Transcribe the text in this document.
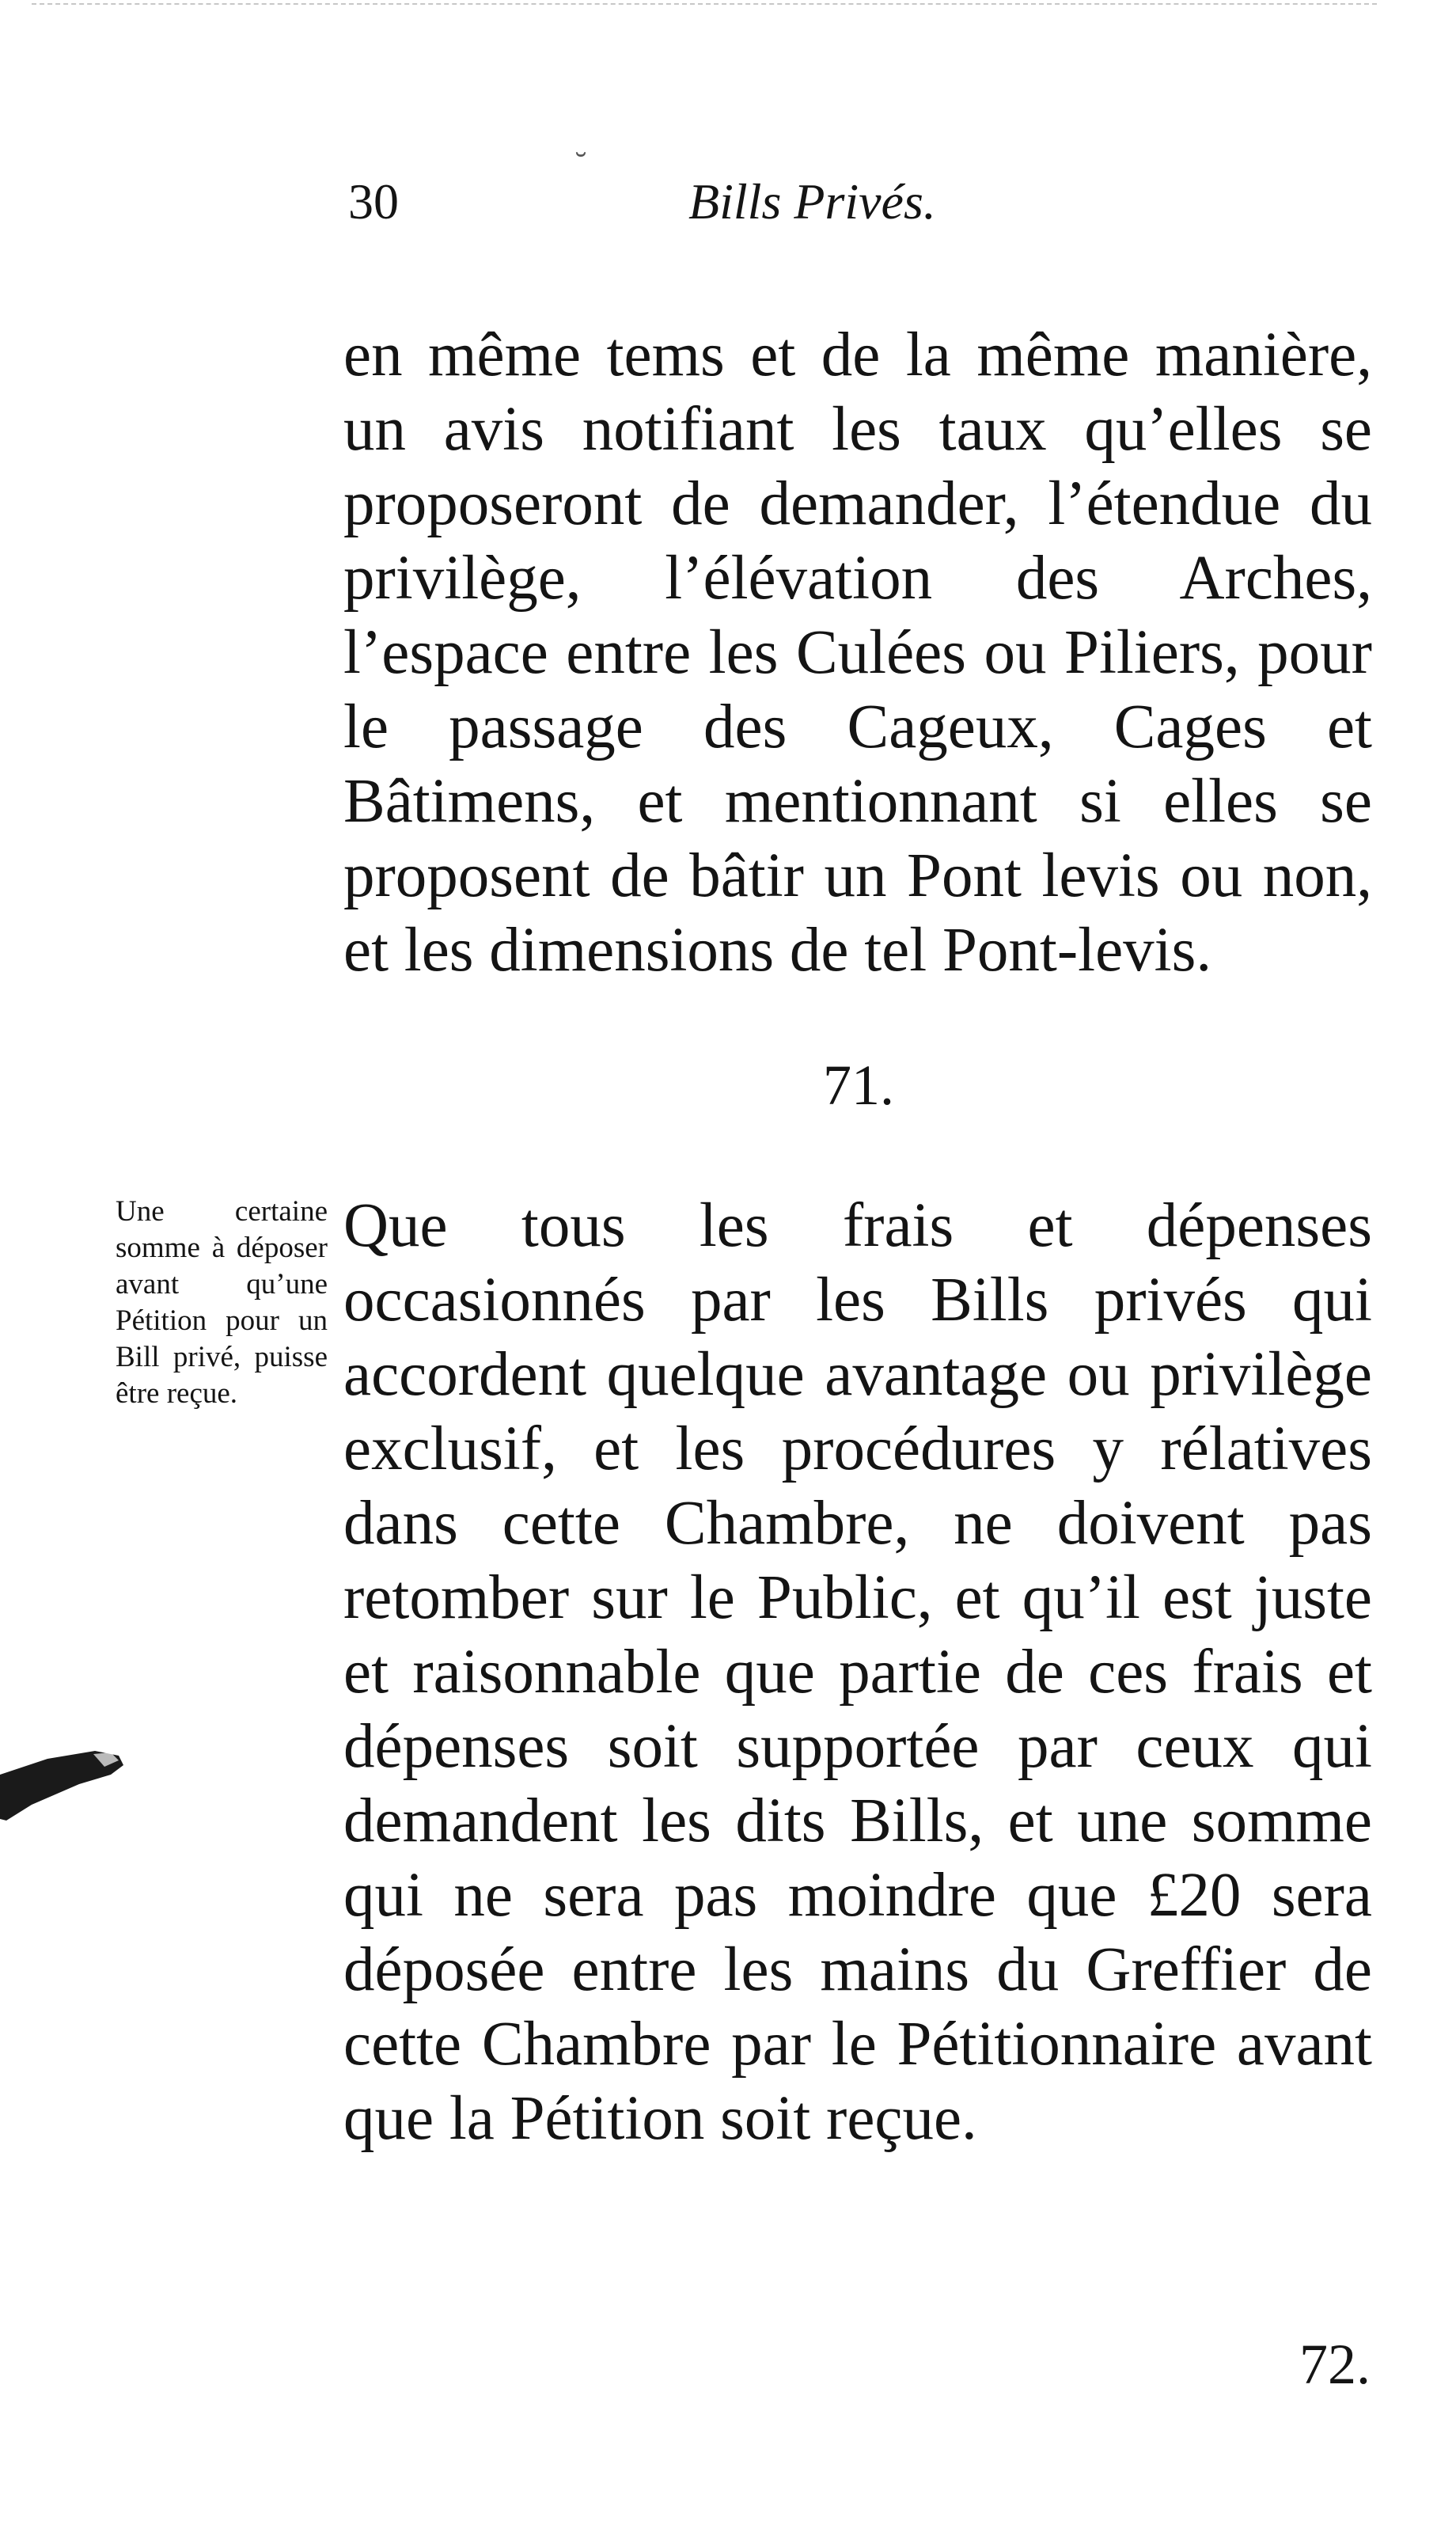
30
˘
Bills Privés.

en même tems et de la même manière, un avis notifiant les taux qu’elles se proposeront de demander, l’étendue du privilège, l’élévation des Arches, l’espace entre les Culées ou Piliers, pour le passage des Cageux, Cages et Bâtimens, et mentionnant si elles se proposent de bâtir un Pont levis ou non, et les dimensions de tel Pont-levis.

71.
Une certaine somme à déposer avant qu’une Pétition pour un Bill privé, puisse être reçue.

Que tous les frais et dépenses occasionnés par les Bills privés qui accordent quelque avantage ou privilège exclusif, et les procédures y rélatives dans cette Chambre, ne doivent pas retomber sur le Public, et qu’il est juste et raisonnable que partie de ces frais et dépenses soit supportée par ceux qui demandent les dits Bills, et une somme qui ne sera pas moindre que £20 sera déposée entre les mains du Greffier de cette Chambre par le Pétitionnaire avant que la Pétition soit reçue.

72.
